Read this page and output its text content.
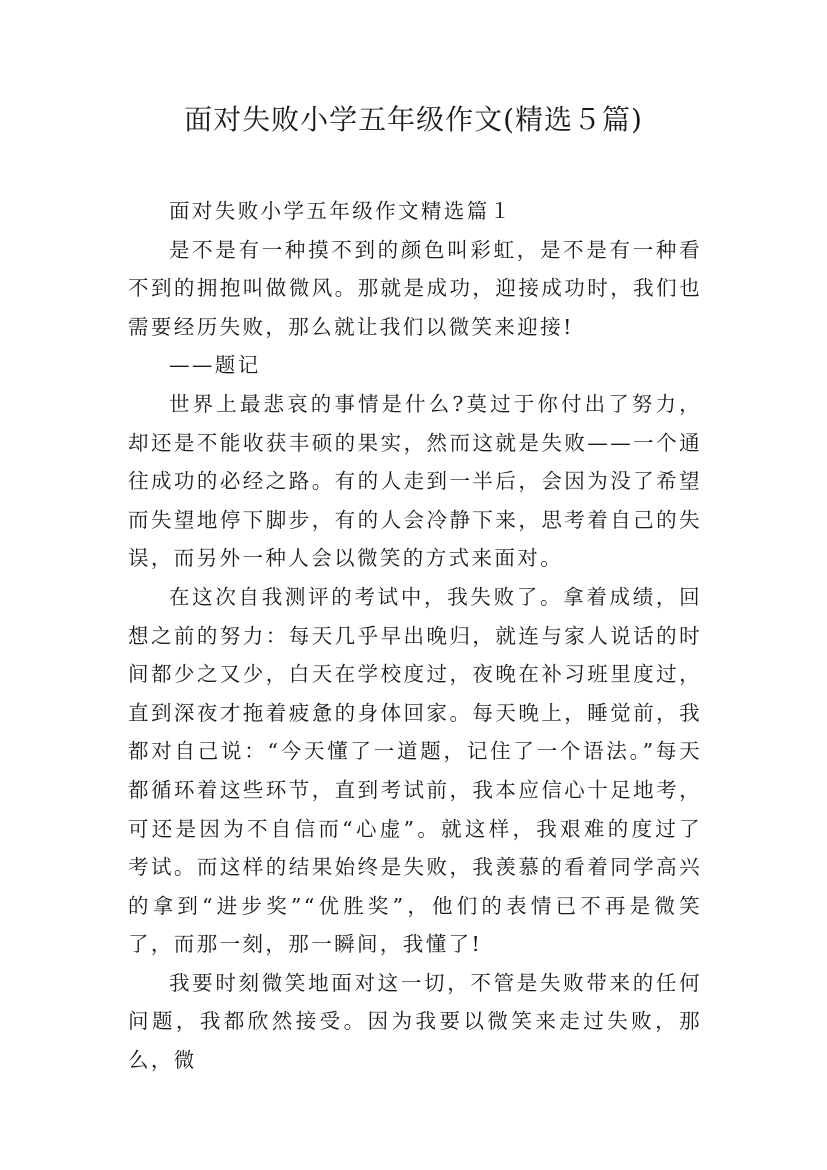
面对失败小学五年级作文(精选５篇)

面对失败小学五年级作文精选篇１

是不是有一种摸不到的颜色叫彩虹，是不是有一种看不到的拥抱叫做微风。那就是成功，迎接成功时，我们也需要经历失败，那么就让我们以微笑来迎接!

——题记

世界上最悲哀的事情是什么?莫过于你付出了努力，却还是不能收获丰硕的果实，然而这就是失败——一个通往成功的必经之路。有的人走到一半后，会因为没了希望而失望地停下脚步，有的人会冷静下来，思考着自己的失误，而另外一种人会以微笑的方式来面对。

在这次自我测评的考试中，我失败了。拿着成绩，回想之前的努力：每天几乎早出晚归，就连与家人说话的时间都少之又少，白天在学校度过，夜晚在补习班里度过，直到深夜才拖着疲惫的身体回家。每天晚上，睡觉前，我都对自己说：“今天懂了一道题，记住了一个语法。”每天都循环着这些环节，直到考试前，我本应信心十足地考，可还是因为不自信而“心虚”。就这样，我艰难的度过了考试。而这样的结果始终是失败，我羡慕的看着同学高兴的拿到“进步奖”“优胜奖”，他们的表情已不再是微笑了，而那一刻，那一瞬间，我懂了!

我要时刻微笑地面对这一切，不管是失败带来的任何问题，我都欣然接受。因为我要以微笑来走过失败，那么，微
